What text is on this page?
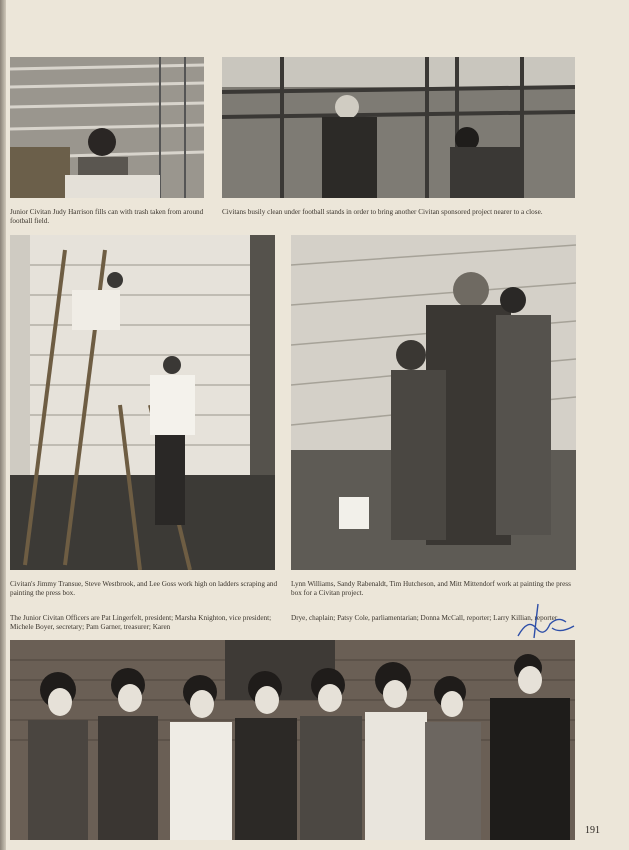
Junior Civitan Judy Harrison fills can with trash taken from around football field.

Civitans busily clean under football stands in order to bring another Civitan sponsored project nearer to a close.

Civitan's Jimmy Transue, Steve Westbrook, and Lee Goss work high on ladders scraping and painting the press box.

Lynn Williams, Sandy Rabenaldt, Tim Hutcheson, and Mitt Mittendorf work at painting the press box for a Civitan project.

The Junior Civitan Officers are Pat Lingerfelt, president; Marsha Knighton, vice president; Michele Boyer, secretary; Pam Garner, treasurer; Karen

Drye, chaplain; Patsy Cole, parliamentarian; Donna McCall, reporter; Larry Killian, reporter.

191
